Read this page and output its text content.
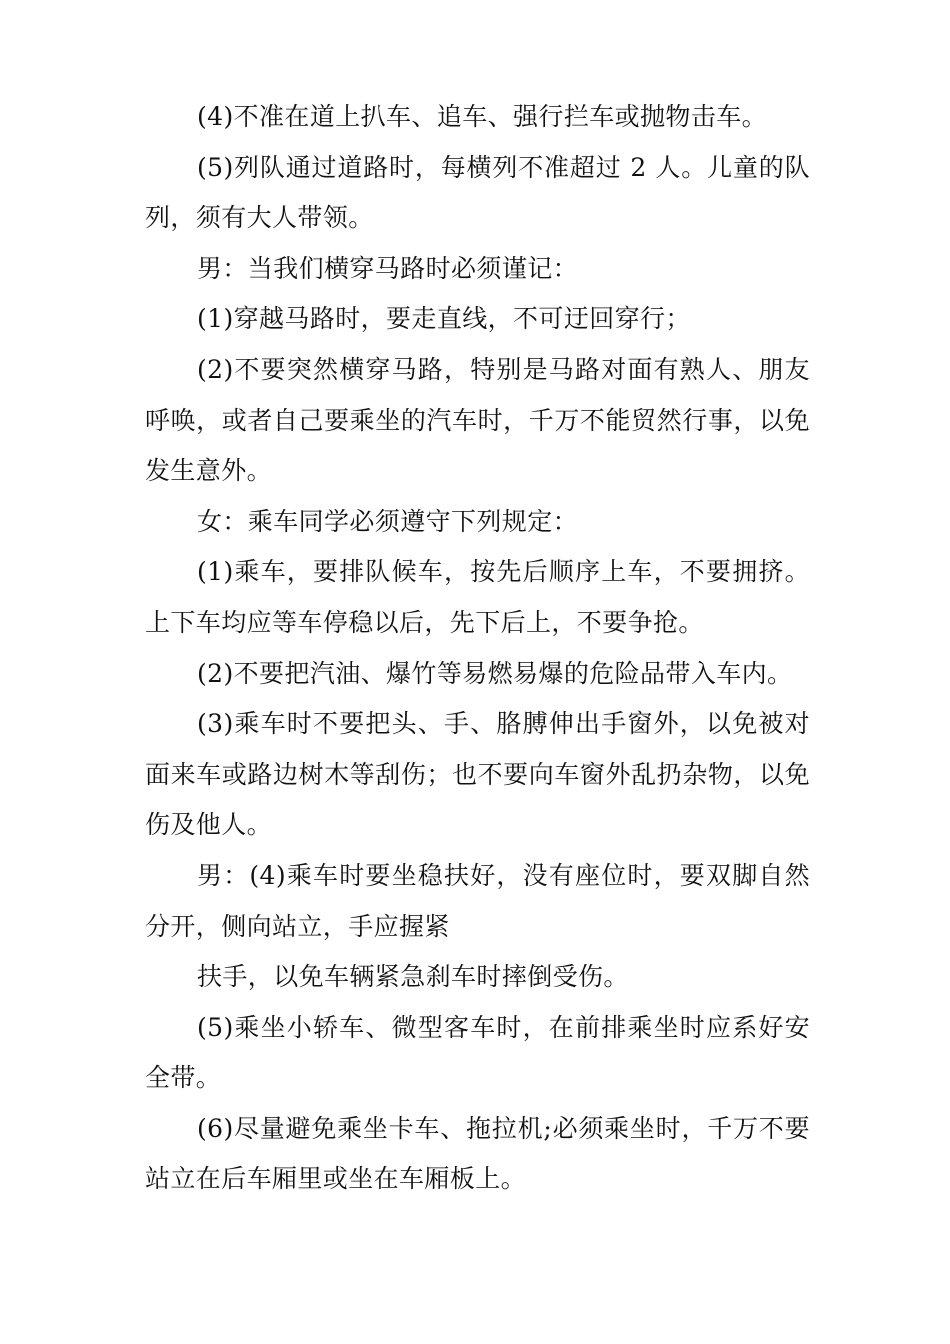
(4)不准在道上扒车、追车、强行拦车或抛物击车。

(5)列队通过道路时，每横列不准超过 2 人。儿童的队列，须有大人带领。

男：当我们横穿马路时必须谨记：

(1)穿越马路时，要走直线，不可迂回穿行；

(2)不要突然横穿马路，特别是马路对面有熟人、朋友呼唤，或者自己要乘坐的汽车时，千万不能贸然行事，以免发生意外。

女：乘车同学必须遵守下列规定：

(1)乘车，要排队候车，按先后顺序上车，不要拥挤。上下车均应等车停稳以后，先下后上，不要争抢。

(2)不要把汽油、爆竹等易燃易爆的危险品带入车内。

(3)乘车时不要把头、手、胳膊伸出手窗外，以免被对面来车或路边树木等刮伤；也不要向车窗外乱扔杂物，以免伤及他人。

男：(4)乘车时要坐稳扶好，没有座位时，要双脚自然分开，侧向站立，手应握紧

扶手，以免车辆紧急刹车时摔倒受伤。

(5)乘坐小轿车、微型客车时，在前排乘坐时应系好安全带。

(6)尽量避免乘坐卡车、拖拉机;必须乘坐时，千万不要站立在后车厢里或坐在车厢板上。
